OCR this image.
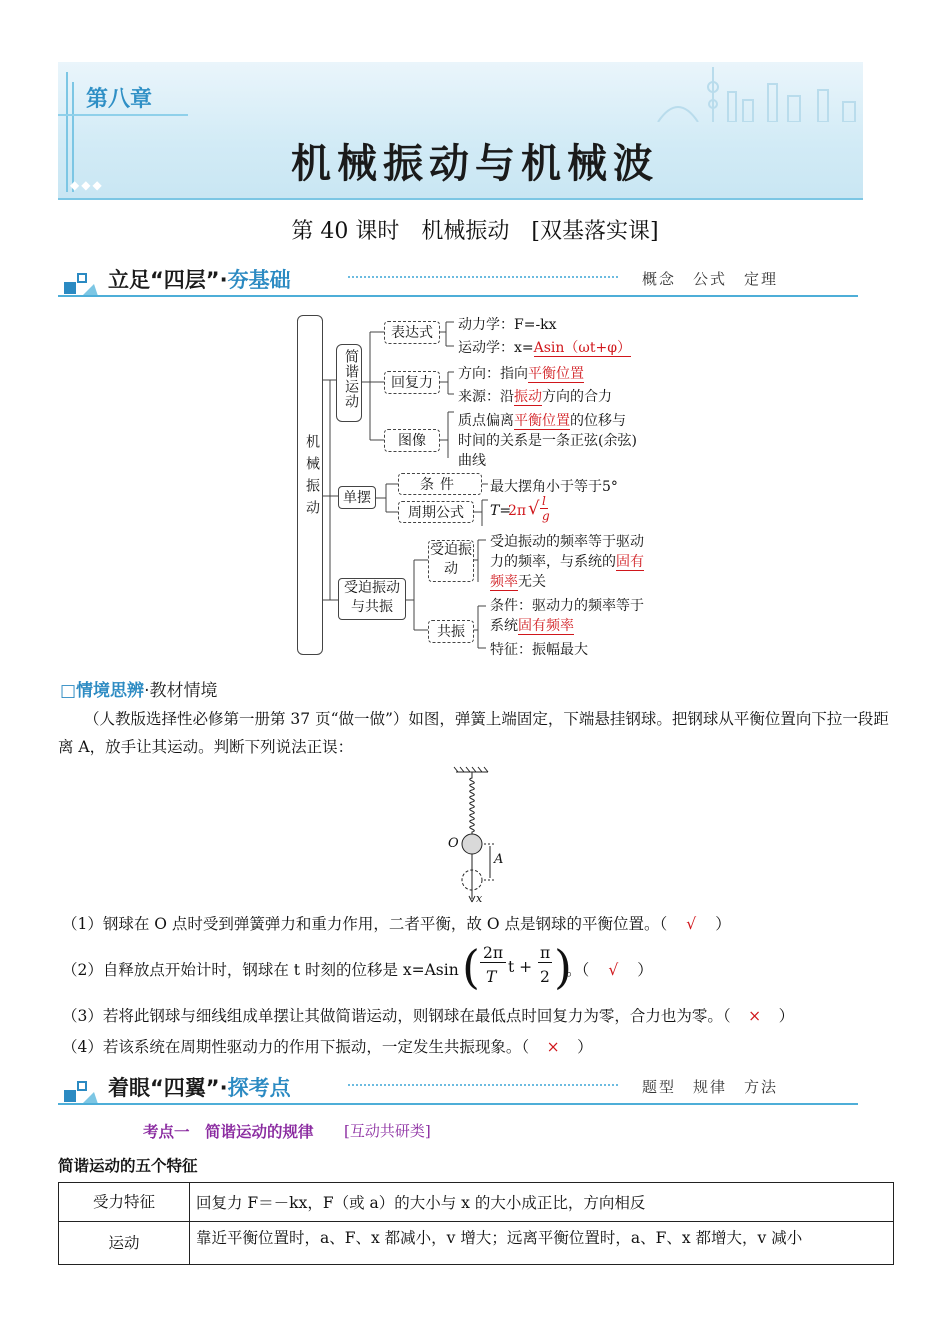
◆◆◆
第八章
机械振动与机械波
第 40 课时　机械振动　[双基落实课]
立足“四层”·夯基础	概念　公式　定理
机械振动
简谐运动
表达式	动力学：F=-kx
运动学：x=Asin（ωt+φ）
回复力
方向：指向平衡位置
来源：沿振动方向的合力
图像
质点偏离平衡位置的位移与
时间的关系是一条正弦(余弦)
曲线
单摆
条件	最大摆角小于等于5°
周期公式	T=
2π √ l
g
受迫振动与共振
受迫振动
受迫振动的频率等于驱动
力的频率，与系统的固有
频率无关
共振
条件：驱动力的频率等于
系统固有频率
特征：振幅最大
□情境思辨·教材情境
（人教版选择性必修第一册第 37 页“做一做”）如图，弹簧上端固定，下端悬挂钢球。把钢球从平衡位置向下拉一段距离 A，放手让其运动。判断下列说法正误：
O
A
x
（1）钢球在 O 点时受到弹簧弹力和重力作用，二者平衡，故 O 点是钢球的平衡位置。（ √ ）
（2）自释放点开始计时，钢球在 t 时刻的位移是 x=Asin ( 2π
T
t +
π
2 )
。（ √ ）
（3）若将此钢球与细线组成单摆让其做简谐运动，则钢球在最低点时回复力为零，合力也为零。（ × ）
（4）若该系统在周期性驱动力的作用下振动，一定发生共振现象。（ × ）
着眼“四翼”·探考点	题型　规律　方法
考点一　简谐运动的规律 [互动共研类]
简谐运动的五个特征
受力特征	回复力 F＝－kx，F（或 a）的大小与 x 的大小成正比，方向相反
运动	靠近平衡位置时，a、F、x 都减小，v 增大；远离平衡位置时，a、F、x 都增大，v 减小
